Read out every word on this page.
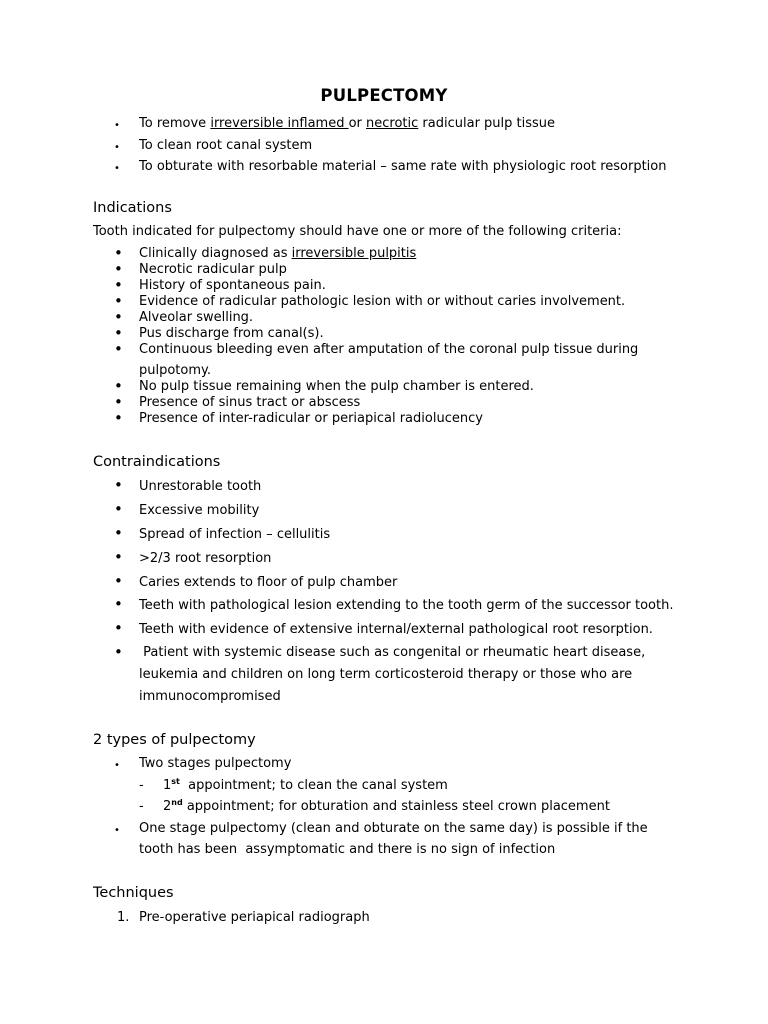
PULPECTOMY
• To remove irreversible inflamed or necrotic radicular pulp tissue
• To clean root canal system
• To obturate with resorbable material – same rate with physiologic root resorption
Indications
Tooth indicated for pulpectomy should have one or more of the following criteria:
• Clinically diagnosed as irreversible pulpitis
• Necrotic radicular pulp
• History of spontaneous pain.
• Evidence of radicular pathologic lesion with or without caries involvement.
• Alveolar swelling.
• Pus discharge from canal(s).
• Continuous bleeding even after amputation of the coronal pulp tissue during
pulpotomy.
• No pulp tissue remaining when the pulp chamber is entered.
• Presence of sinus tract or abscess
• Presence of inter-radicular or periapical radiolucency
Contraindications
• Unrestorable tooth
• Excessive mobility
• Spread of infection – cellulitis
• >2/3 root resorption
• Caries extends to floor of pulp chamber
• Teeth with pathological lesion extending to the tooth germ of the successor tooth.
• Teeth with evidence of extensive internal/external pathological root resorption.
•  Patient with systemic disease such as congenital or rheumatic heart disease,
leukemia and children on long term corticosteroid therapy or those who are
immunocompromised
2 types of pulpectomy
• Two stages pulpectomy
- 1st  appointment; to clean the canal system
- 2nd appointment; for obturation and stainless steel crown placement
• One stage pulpectomy (clean and obturate on the same day) is possible if the
tooth has been  assymptomatic and there is no sign of infection
Techniques
1. Pre-operative periapical radiograph
